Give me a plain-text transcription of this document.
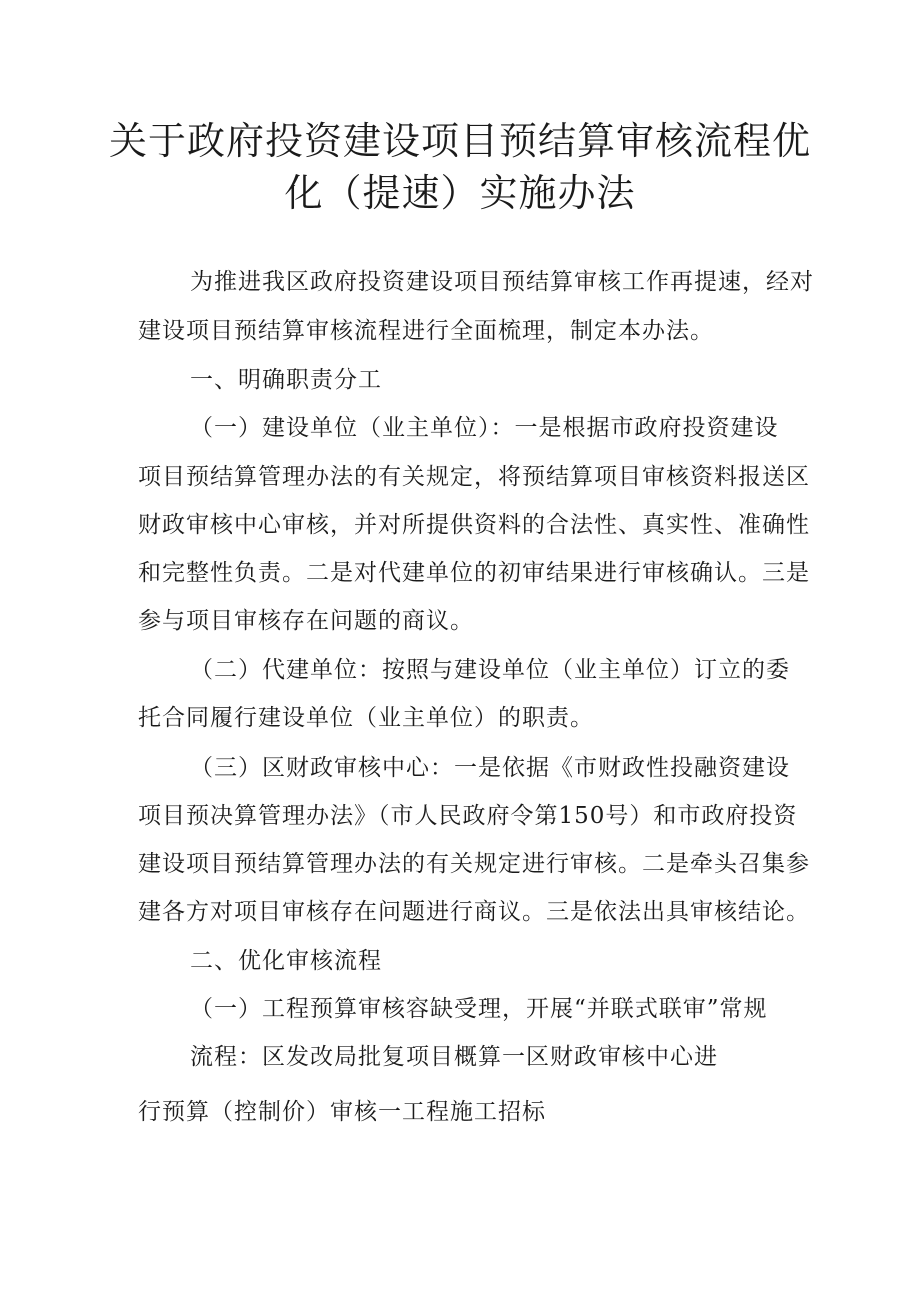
关于政府投资建设项目预结算审核流程优
化（提速）实施办法
为推进我区政府投资建设项目预结算审核工作再提速，经对
建设项目预结算审核流程进行全面梳理，制定本办法。
一、明确职责分工
（一）建设单位（业主单位）：一是根据市政府投资建设
项目预结算管理办法的有关规定，将预结算项目审核资料报送区
财政审核中心审核，并对所提供资料的合法性、真实性、准确性
和完整性负责。二是对代建单位的初审结果进行审核确认。三是
参与项目审核存在问题的商议。
（二）代建单位：按照与建设单位（业主单位）订立的委
托合同履行建设单位（业主单位）的职责。
（三）区财政审核中心：一是依据《市财政性投融资建设
项目预决算管理办法》（市人民政府令第150号）和市政府投资
建设项目预结算管理办法的有关规定进行审核。二是牵头召集参
建各方对项目审核存在问题进行商议。三是依法出具审核结论。
二、优化审核流程
（一）工程预算审核容缺受理，开展“并联式联审”常规
流程：区发改局批复项目概算一区财政审核中心进
行预算（控制价）审核一工程施工招标
